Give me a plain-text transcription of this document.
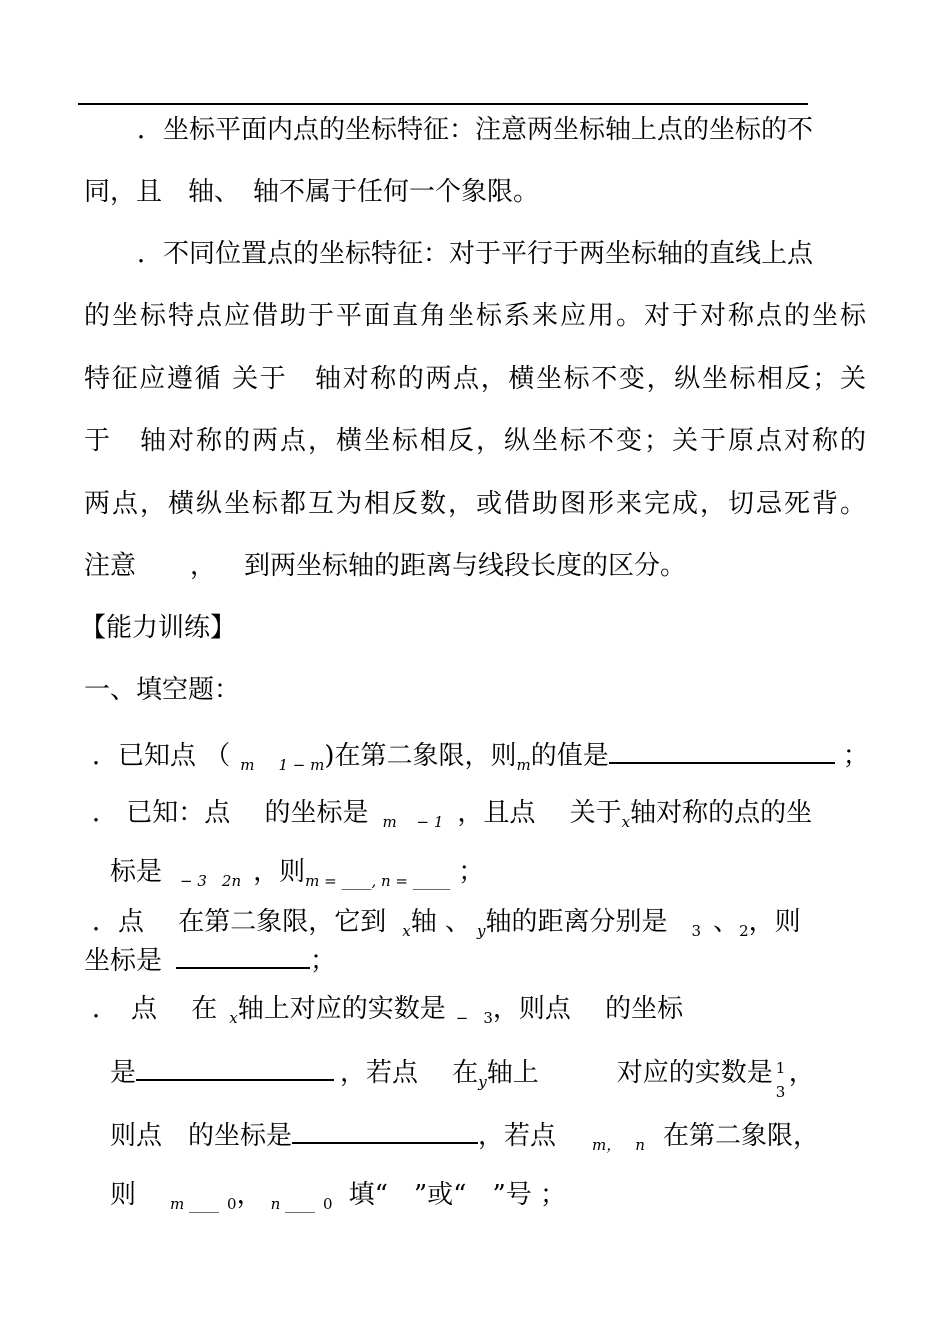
．坐标平面内点的坐标特征：注意两坐标轴上点的坐标的不
同，且　轴、　轴不属于任何一个象限。
．不同位置点的坐标特征：对于平行于两坐标轴的直线上点
的坐标特点应借助于平面直角坐标系来应用。对于对称点的坐标
特征应遵循 关于　轴对称的两点，横坐标不变，纵坐标相反；关
于　轴对称的两点，横坐标相反，纵坐标不变；关于原点对称的
两点，横纵坐标都互为相反数，或借助图形来完成，切忌死背。
注意 ， 到两坐标轴的距离与线段长度的区分。
【能力训练】
一、填空题：
．已知点 （ $_m$ $_{1 - m}$)在第二象限，则$_m$的值是	；
． 已知：点　 的坐标是 $_{m - 1}$ ，且点　 关于$_x$轴对称的点的坐
标是 $_{- 3 2n}$ ，则$_{m = \_\_\_\_, n = \_\_\_\_\_}$ ；
．点　 在第二象限，它到 $_x$轴 、 $_y$轴的距离分别是 $_3$ 、$_2$，则
坐标是	；
．　点　 在 $_x$轴上对应的实数是 $_{- 3}$，则点　 的坐标
是	，若点　 在$_y$轴上　　　对应的实数是 1
3
，
则点　的坐标是	，若点 $_{m,}$ $_n$ 在第二象限，
则 $_{m \_\_\_\_}$ $_0$， $_{n \_\_\_\_}$ $_0$ 填“　”或“　”号 ；
